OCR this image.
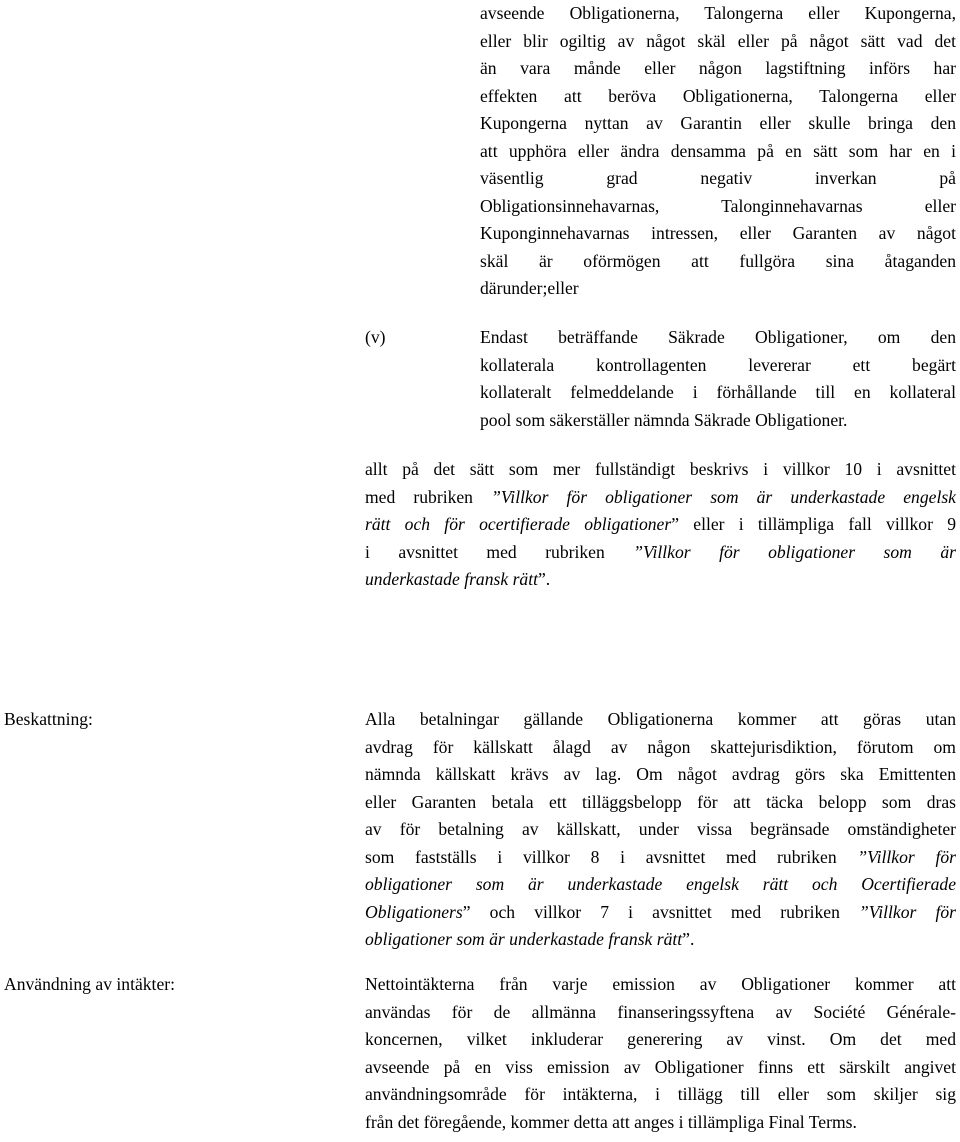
avseende Obligationerna, Talongerna eller Kupongerna,
eller blir ogiltig av något skäl eller på något sätt vad det
än vara månde eller någon lagstiftning införs har
effekten att beröva Obligationerna, Talongerna eller
Kupongerna nyttan av Garantin eller skulle bringa den
att upphöra eller ändra densamma på en sätt som har en i
väsentlig grad negativ inverkan på
Obligationsinnehavarnas, Talonginnehavarnas eller
Kuponginnehavarnas intressen, eller Garanten av något
skäl är oförmögen att fullgöra sina åtaganden
därunder;eller
(v)	Endast beträffande Säkrade Obligationer, om den
kollaterala kontrollagenten levererar ett begärt
kollateralt felmeddelande i förhållande till en kollateral
pool som säkerställer nämnda Säkrade Obligationer.
allt på det sätt som mer fullständigt beskrivs i villkor 10 i avsnittet
med rubriken ”Villkor för obligationer som är underkastade engelsk
rätt och för ocertifierade obligationer” eller i tillämpliga fall villkor 9
i avsnittet med rubriken ”Villkor för obligationer som är
underkastade fransk rätt”.
Beskattning:	Alla betalningar gällande Obligationerna kommer att göras utan
avdrag för källskatt ålagd av någon skattejurisdiktion, förutom om
nämnda källskatt krävs av lag. Om något avdrag görs ska Emittenten
eller Garanten betala ett tilläggsbelopp för att täcka belopp som dras
av för betalning av källskatt, under vissa begränsade omständigheter
som fastställs i villkor 8 i avsnittet med rubriken ”Villkor för
obligationer som är underkastade engelsk rätt och Ocertifierade
Obligationers” och villkor 7 i avsnittet med rubriken ”Villkor för
obligationer som är underkastade fransk rätt”.
Användning av intäkter:	Nettointäkterna från varje emission av Obligationer kommer att
användas för de allmänna finanseringssyftena av Société Générale-
koncernen, vilket inkluderar generering av vinst. Om det med
avseende på en viss emission av Obligationer finns ett särskilt angivet
användningsområde för intäkterna, i tillägg till eller som skiljer sig
från det föregående, kommer detta att anges i tillämpliga Final Terms.
